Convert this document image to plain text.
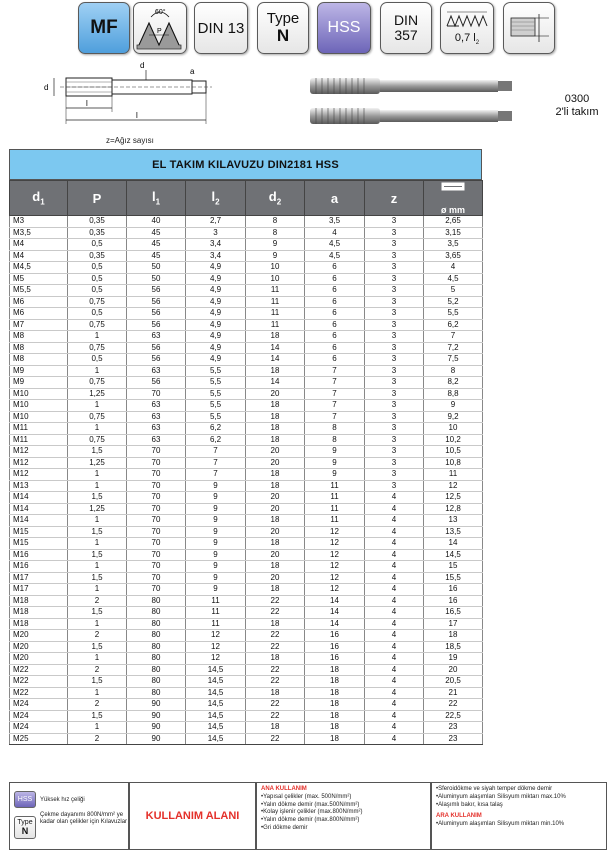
MF
60°
P DIN 13
Type
N HSS DIN
357	0,7 $l_2$
d
d
a
l
l
z=Ağız sayısı
0300
2'li takım
EL TAKIM KILAVUZU DIN2181 HSS
$d_1$	P	$l_1$	$l_2$	$d_2$	a	z	ø mm

M3	0,35	40	2,7	8	3,5	3	2,65
M3,5	0,35	45	3	8	4	3	3,15
M4	0,5	45	3,4	9	4,5	3	3,5
M4	0,35	45	3,4	9	4,5	3	3,65
M4,5	0,5	50	4,9	10	6	3	4
M5	0,5	50	4,9	10	6	3	4,5
M5,5	0,5	56	4,9	11	6	3	5
M6	0,75	56	4,9	11	6	3	5,2
M6	0,5	56	4,9	11	6	3	5,5
M7	0,75	56	4,9	11	6	3	6,2
M8	1	63	4,9	18	6	3	7
M8	0,75	56	4,9	14	6	3	7,2
M8	0,5	56	4,9	14	6	3	7,5
M9	1	63	5,5	18	7	3	8
M9	0,75	56	5,5	14	7	3	8,2
M10	1,25	70	5,5	20	7	3	8,8
M10	1	63	5,5	18	7	3	9
M10	0,75	63	5,5	18	7	3	9,2
M11	1	63	6,2	18	8	3	10
M11	0,75	63	6,2	18	8	3	10,2
M12	1,5	70	7	20	9	3	10,5
M12	1,25	70	7	20	9	3	10,8
M12	1	70	7	18	9	3	11
M13	1	70	9	18	11	3	12
M14	1,5	70	9	20	11	4	12,5
M14	1,25	70	9	20	11	4	12,8
M14	1	70	9	18	11	4	13
M15	1,5	70	9	20	12	4	13,5
M15	1	70	9	18	12	4	14
M16	1,5	70	9	20	12	4	14,5
M16	1	70	9	18	12	4	15
M17	1,5	70	9	20	12	4	15,5
M17	1	70	9	18	12	4	16
M18	2	80	11	22	14	4	16
M18	1,5	80	11	22	14	4	16,5
M18	1	80	11	18	14	4	17
M20	2	80	12	22	16	4	18
M20	1,5	80	12	22	16	4	18,5
M20	1	80	12	18	16	4	19
M22	2	80	14,5	22	18	4	20
M22	1,5	80	14,5	22	18	4	20,5
M22	1	80	14,5	18	18	4	21
M24	2	90	14,5	22	18	4	22
M24	1,5	90	14,5	22	18	4	22,5
M24	1	90	14,5	18	18	4	23
M25	2	90	14,5	22	18	4	23
HSS	Yüksek hız çeliği
Type
N
Çekme dayanımı 800N/mm² ye kadar olan çelikler için Kılavuzlar
KULLANIM ALANI
ANA KULLANIM
• Yapısal çelikler (max. 500N/mm²)
• Yalın dökme demir (max.500N/mm²)
• Kolay işlenir çelikler (max.800N/mm²)
• Yalın dökme demir (max.800N/mm²)
• Gri dökme demir
• Sferoidökme ve siyah temper dökme demir
• Aluminyum alaşımları Silisyum miktarı max.10%
• Alaşımlı bakır, kısa talaş
ARA KULLANIM
• Aluminyum alaşımları Silisyum miktarı min.10%
